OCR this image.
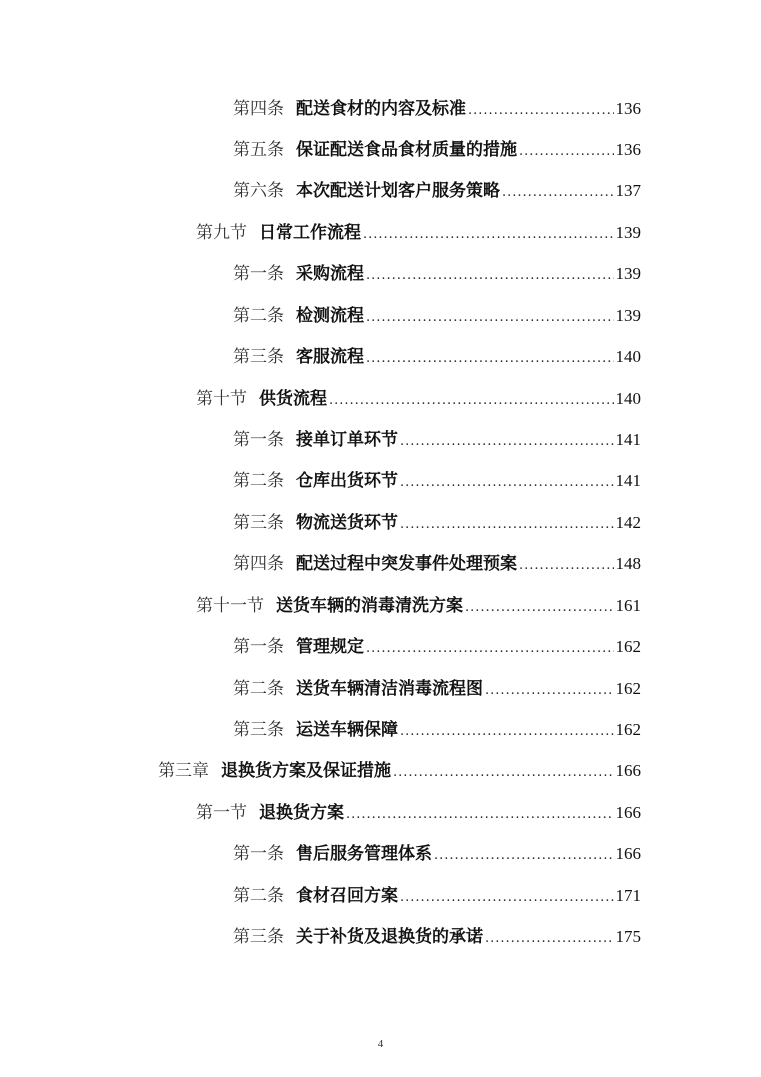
第四条 配送食材的内容及标准 .....	136
第五条 保证配送食品食材质量的措施 .....	136
第六条 本次配送计划客户服务策略 .....	137
第九节 日常工作流程 .....	139
第一条 采购流程 .....	139
第二条 检测流程 .....	139
第三条 客服流程 .....	140
第十节 供货流程 .....	140
第一条 接单订单环节 .....	141
第二条 仓库出货环节 .....	141
第三条 物流送货环节 .....	142
第四条 配送过程中突发事件处理预案 .....	148
第十一节 送货车辆的消毒清洗方案 .....	161
第一条 管理规定 .....	162
第二条 送货车辆清洁消毒流程图 .....	162
第三条 运送车辆保障 .....	162
第三章 退换货方案及保证措施 .....	166
第一节 退换货方案 .....	166
第一条 售后服务管理体系 .....	166
第二条 食材召回方案 .....	171
第三条 关于补货及退换货的承诺 .....	175
4
